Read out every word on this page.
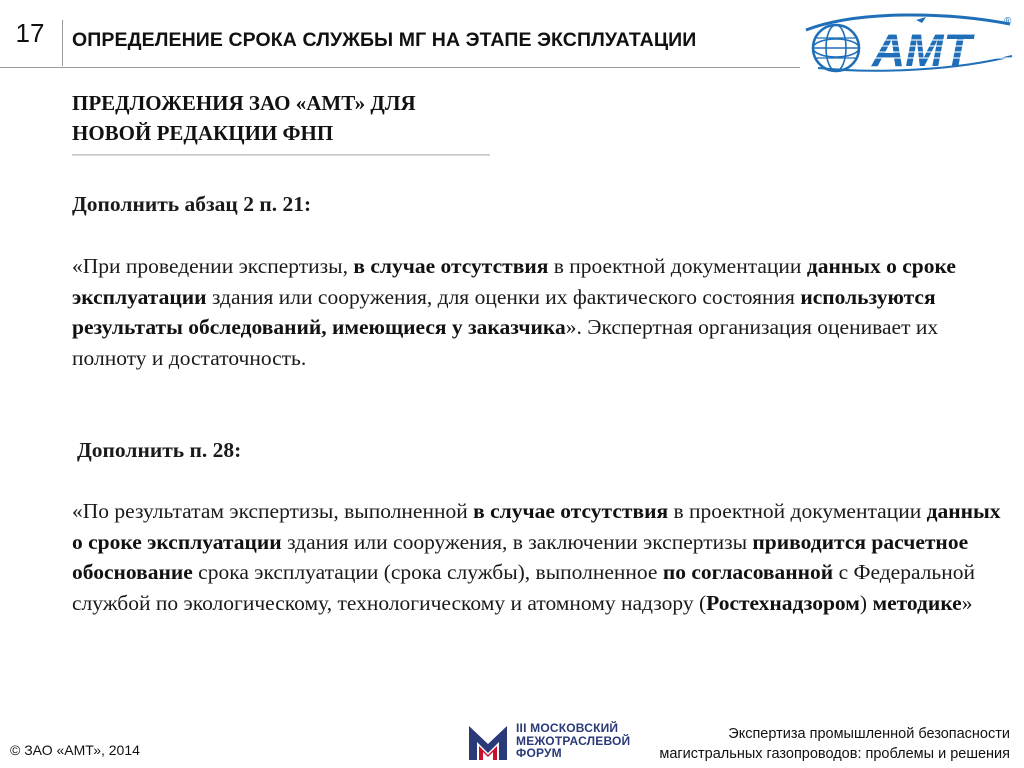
17	ОПРЕДЕЛЕНИЕ СРОКА СЛУЖБЫ МГ НА ЭТАПЕ ЭКСПЛУАТАЦИИ	АМТ
®
ПРЕДЛОЖЕНИЯ ЗАО «АМТ» ДЛЯ
НОВОЙ РЕДАКЦИИ ФНП
Дополнить абзац 2 п. 21:
«При проведении экспертизы, в случае отсутствия в проектной документации данных о сроке эксплуатации здания или сооружения, для оценки их фактического состояния используются результаты обследований, имеющиеся у заказчика». Экспертная организация оценивает их полноту и достаточность.
Дополнить п. 28:
«По результатам экспертизы, выполненной в случае отсутствия в проектной документации данных о сроке эксплуатации здания или сооружения, в заключении экспертизы приводится расчетное обоснование срока эксплуатации (срока службы), выполненное по согласованной с Федеральной службой по экологическому, технологическому и атомному надзору (Ростехнадзором) методике»
© ЗАО «АМТ», 2014
III МОСКОВСКИЙ
МЕЖОТРАСЛЕВОЙ
ФОРУМ
Экспертиза промышленной безопасности
магистральных газопроводов: проблемы и решения
